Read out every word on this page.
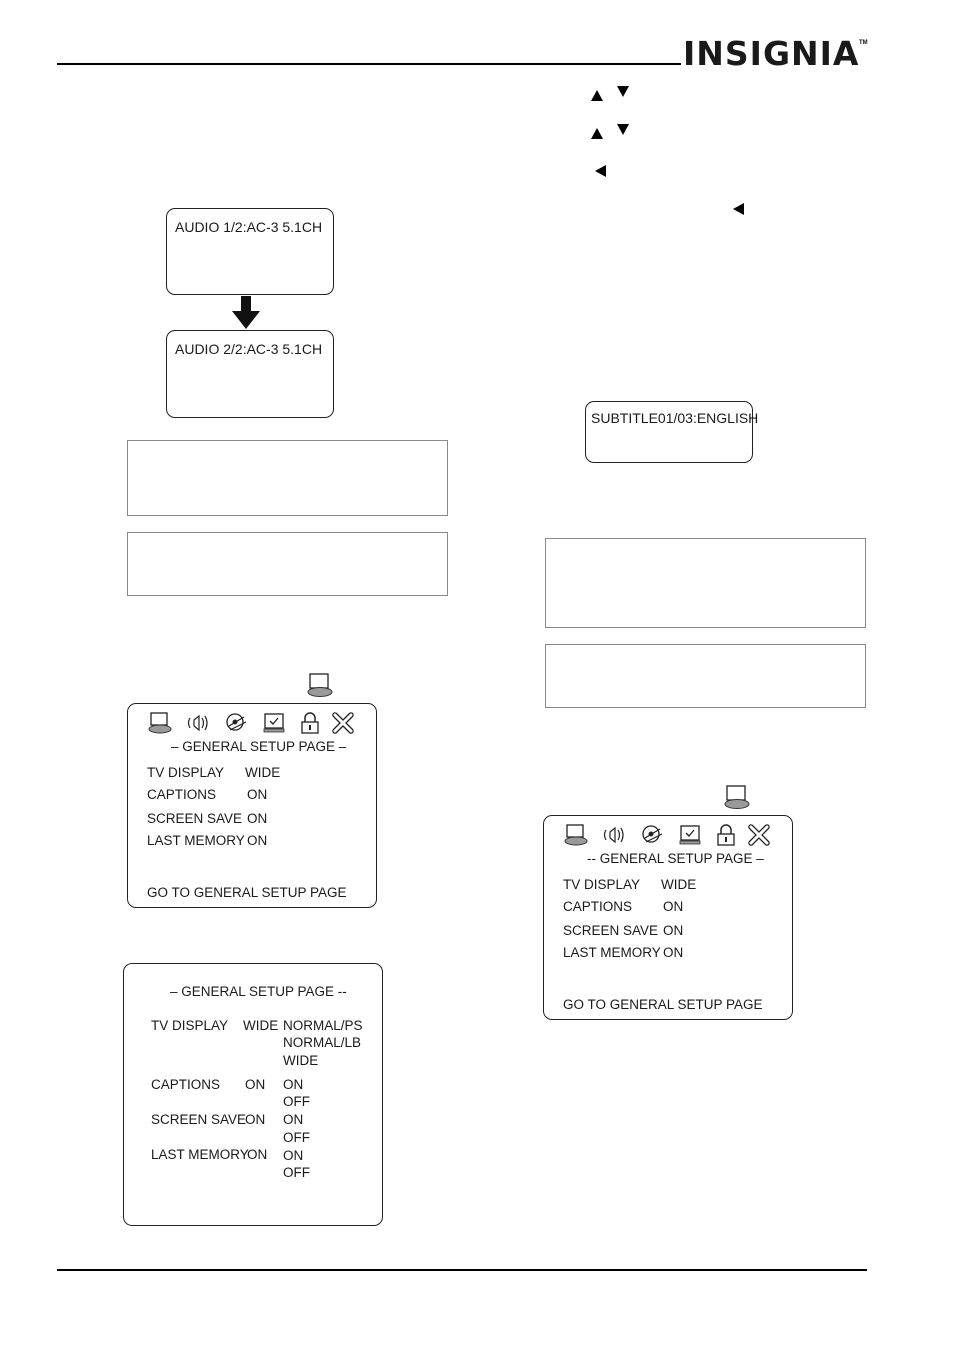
INSIGNIA TM
AUDIO 1/2:AC-3 5.1CH
AUDIO 2/2:AC-3 5.1CH
SUBTITLE01/03:ENGLISH
– GENERAL SETUP PAGE –
TV DISPLAY WIDE
CAPTIONS ON
SCREEN SAVE ON
LAST MEMORY ON
GO TO GENERAL SETUP PAGE
-- GENERAL SETUP PAGE –
TV DISPLAY WIDE
CAPTIONS ON
SCREEN SAVE ON
LAST MEMORY ON
GO TO GENERAL SETUP PAGE
– GENERAL SETUP PAGE --
TV DISPLAY WIDE NORMAL/PS
NORMAL/LB
WIDE
CAPTIONS ON ON
OFF
SCREEN SAVE
ON ON
OFF
LAST MEMORY
ON ON
OFF
